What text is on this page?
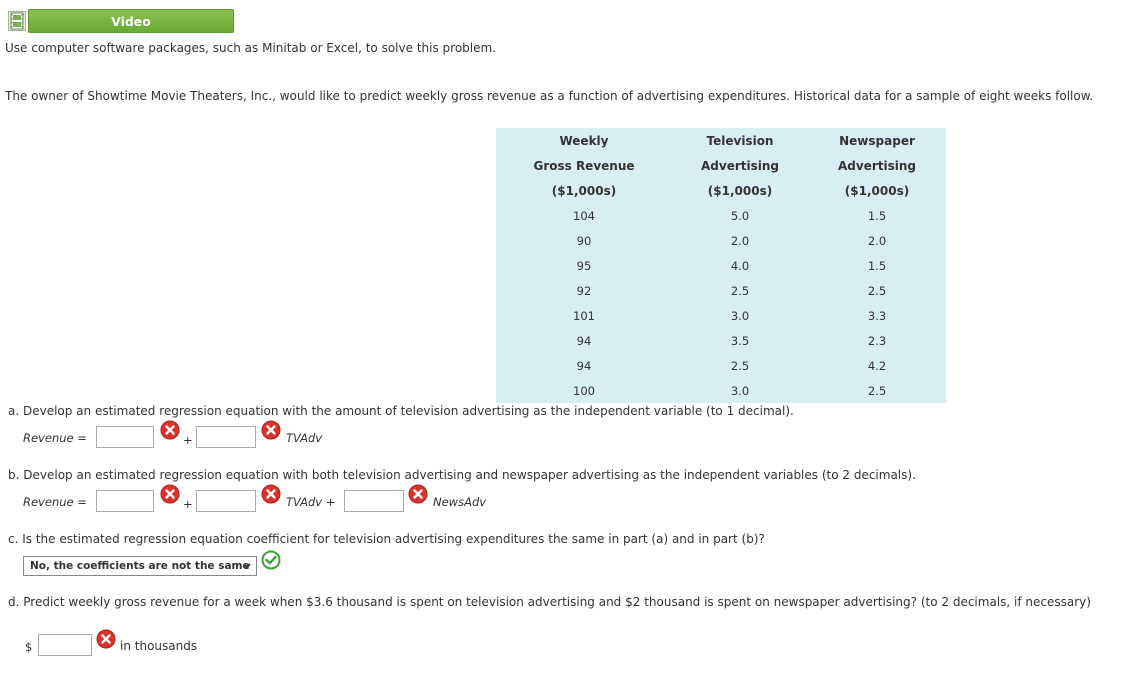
Video
Use computer software packages, such as Minitab or Excel, to solve this problem.
The owner of Showtime Movie Theaters, Inc., would like to predict weekly gross revenue as a function of advertising expenditures. Historical data for a sample of eight weeks follow.
Weekly	Television	Newspaper
Gross Revenue	Advertising	Advertising
($1,000s)	($1,000s)	($1,000s)
104	5.0	1.5
90	2.0	2.0
95	4.0	1.5
92	2.5	2.5
101	3.0	3.3
94	3.5	2.3
94	2.5	4.2
100	3.0	2.5
a. Develop an estimated regression equation with the amount of television advertising as the independent variable (to 1 decimal).
Revenue =	+	TVAdv
b. Develop an estimated regression equation with both television advertising and newspaper advertising as the independent variables (to 2 decimals).
Revenue =	+	TVAdv +	NewsAdv
c. Is the estimated regression equation coefficient for television advertising expenditures the same in part (a) and in part (b)?
No, the coefficients are not the same
d. Predict weekly gross revenue for a week when $3.6 thousand is spent on television advertising and $2 thousand is spent on newspaper advertising? (to 2 decimals, if necessary)
$	in thousands
